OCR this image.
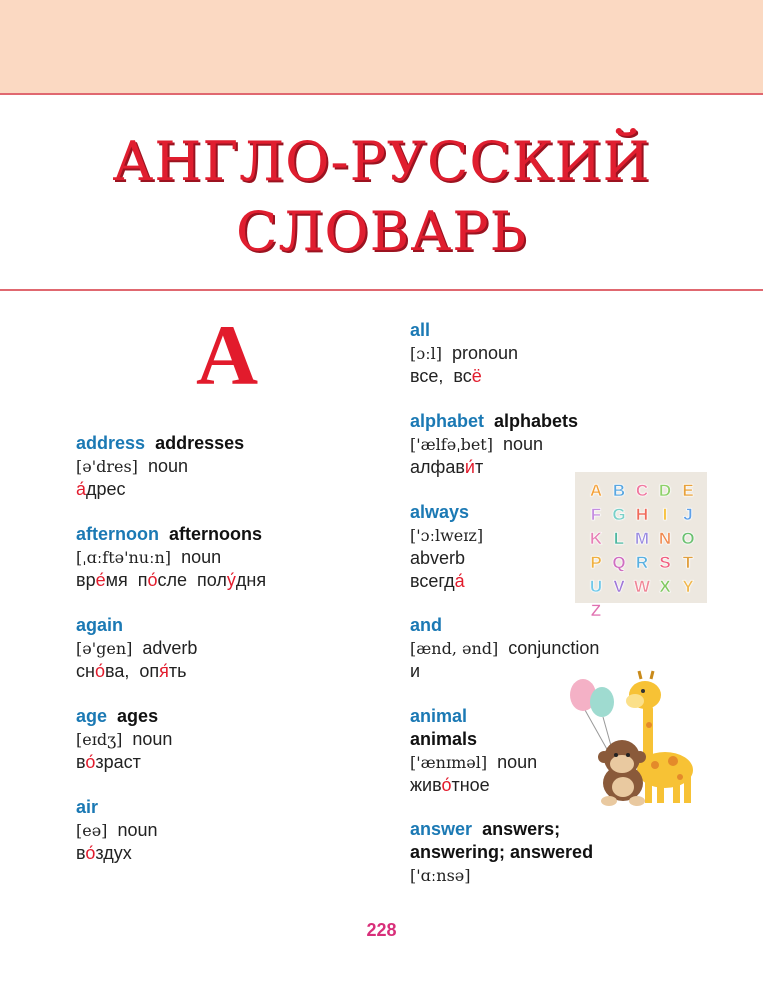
АНГЛО-РУССКИЙ
СЛОВАРЬ
A
address addresses
[ə'dres] noun
а́дрес
afternoon afternoons
[ˌɑːftə'nuːn] noun
вре́мя по́сле полу́дня
again
[ə'gen] adverb
сно́ва, опя́ть
age ages
[eɪdʒ] noun
во́зраст
air
[eə] noun
во́здух
all
[ɔːl] pronoun
все, всё
alphabet alphabets
['ælfəˌbet] noun
алфави́т
always
['ɔːlweɪz]
abverb
всегда́
and
[ænd, ənd] conjunction
и
animal
animals
['ænɪməl] noun
живо́тное
answer answers;
answering; answered
['ɑːnsə]
A B C D E
F G H I J
K L M N O
P Q R S T
U V W X Y
Z
228
